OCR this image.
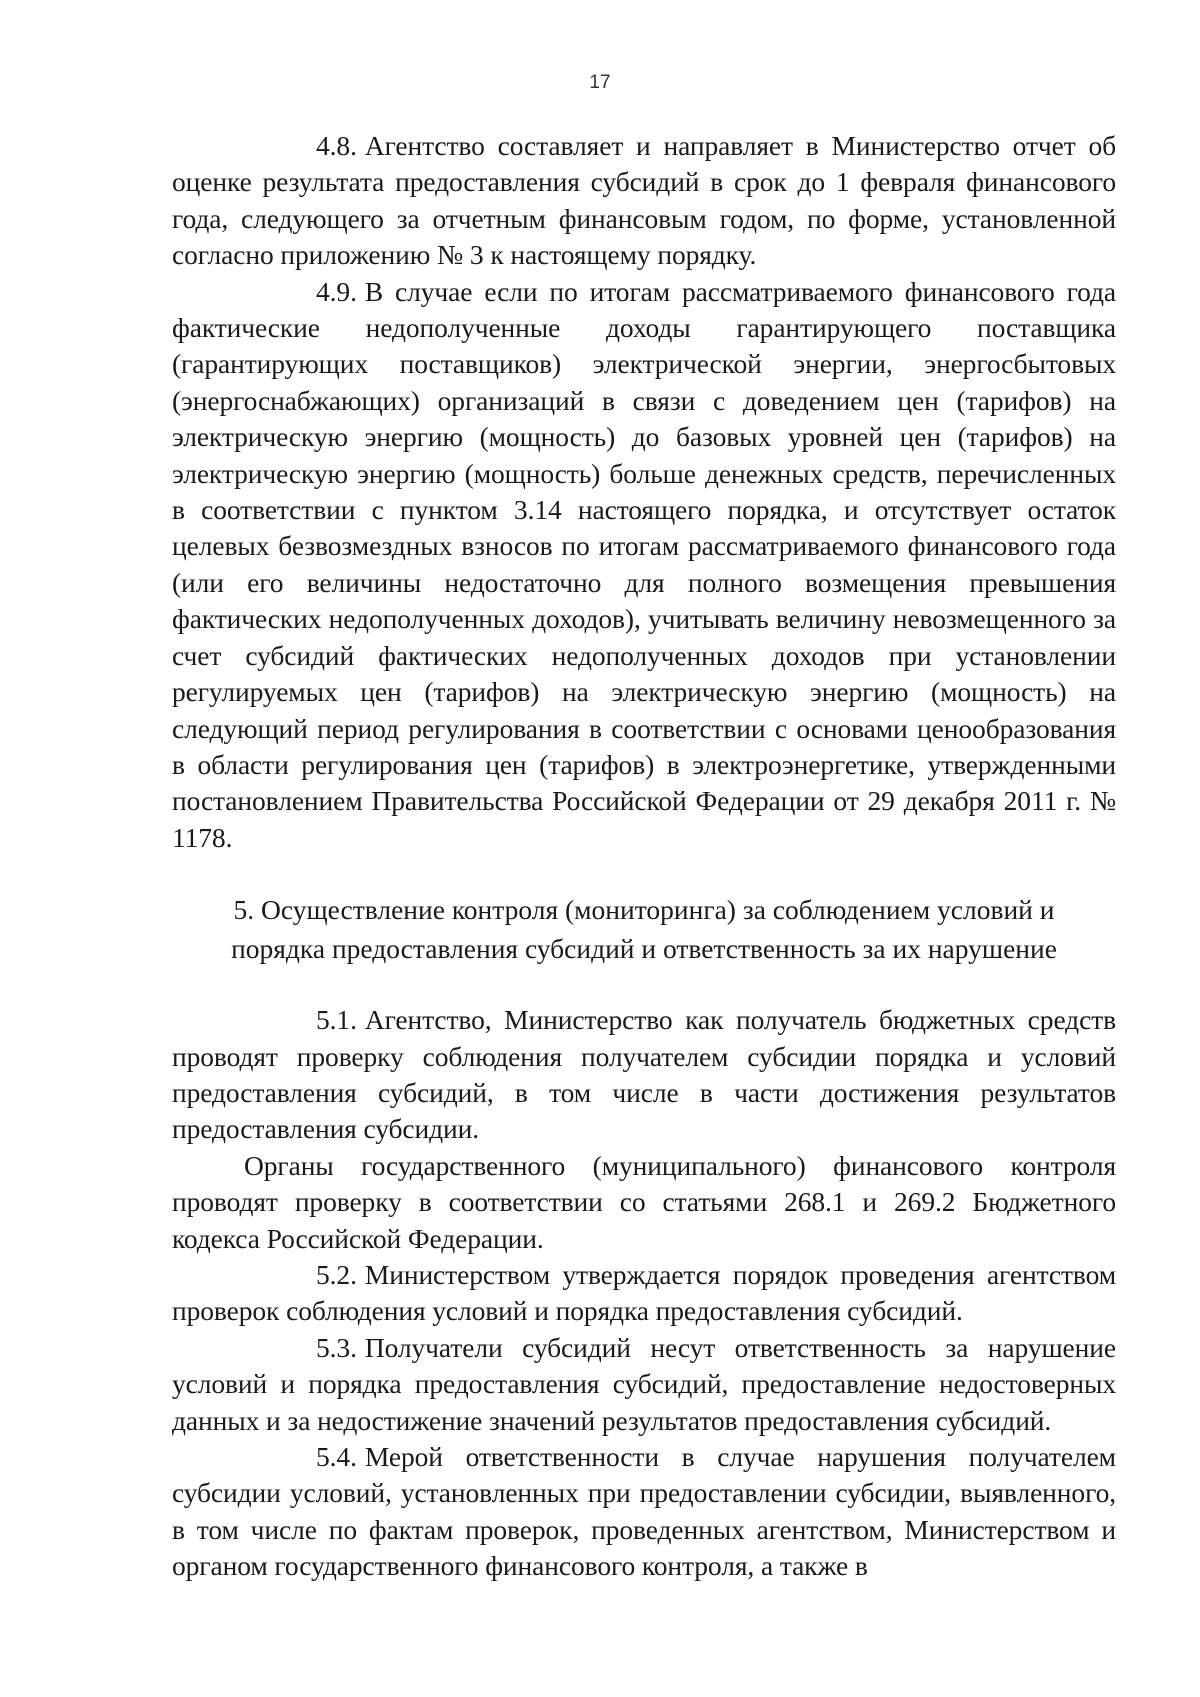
17

4.8. Агентство составляет и направляет в Министерство отчет об оценке результата предоставления субсидий в срок до 1 февраля финансового года, следующего за отчетным финансовым годом, по форме, установленной согласно приложению № 3 к настоящему порядку.

4.9. В случае если по итогам рассматриваемого финансового года фактические недополученные доходы гарантирующего поставщика (гарантирующих поставщиков) электрической энергии, энергосбытовых (энергоснабжающих) организаций в связи с доведением цен (тарифов) на электрическую энергию (мощность) до базовых уровней цен (тарифов) на электрическую энергию (мощность) больше денежных средств, перечисленных в соответствии с пунктом 3.14 настоящего порядка, и отсутствует остаток целевых безвозмездных взносов по итогам рассматриваемого финансового года (или его величины недостаточно для полного возмещения превышения фактических недополученных доходов), учитывать величину невозмещенного за счет субсидий фактических недополученных доходов при установлении регулируемых цен (тарифов) на электрическую энергию (мощность) на следующий период регулирования в соответствии с основами ценообразования в области регулирования цен (тарифов) в электроэнергетике, утвержденными постановлением Правительства Российской Федерации от 29 декабря 2011 г. № 1178.

5. Осуществление контроля (мониторинга) за соблюдением условий и
порядка предоставления субсидий и ответственность за их нарушение

5.1. Агентство, Министерство как получатель бюджетных средств проводят проверку соблюдения получателем субсидии порядка и условий предоставления субсидий, в том числе в части достижения результатов предоставления субсидии.

Органы государственного (муниципального) финансового контроля проводят проверку в соответствии со статьями 268.1 и 269.2 Бюджетного кодекса Российской Федерации.

5.2. Министерством утверждается порядок проведения агентством проверок соблюдения условий и порядка предоставления субсидий.

5.3. Получатели субсидий несут ответственность за нарушение условий и порядка предоставления субсидий, предоставление недостоверных данных и за недостижение значений результатов предоставления субсидий.

5.4. Мерой ответственности в случае нарушения получателем субсидии условий, установленных при предоставлении субсидии, выявленного, в том числе по фактам проверок, проведенных агентством, Министерством и органом государственного финансового контроля, а также в
